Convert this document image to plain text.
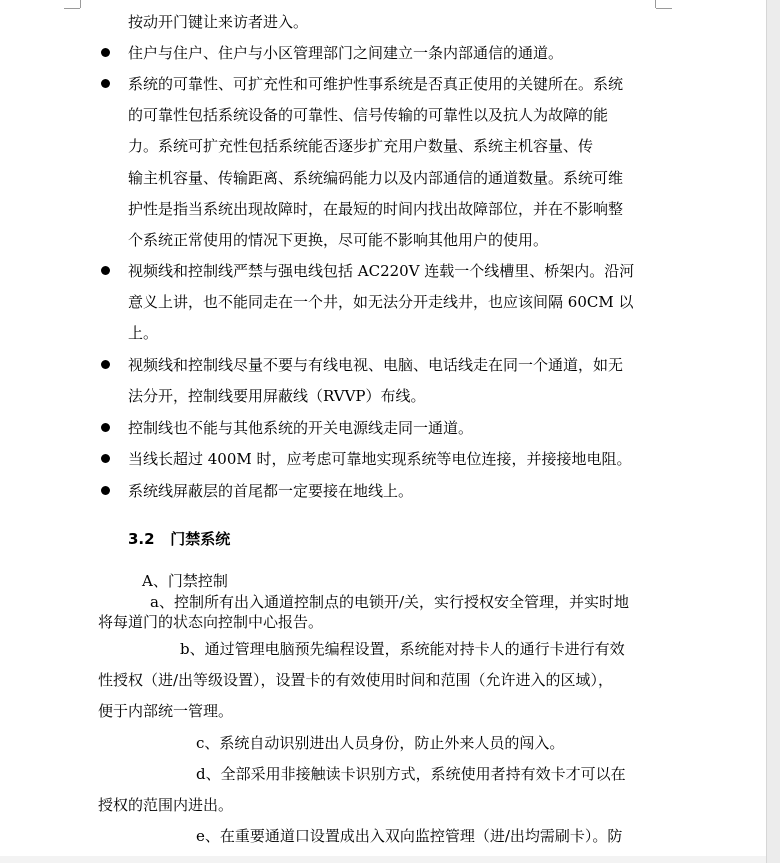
按动开门键让来访者进入。
住户与住户、住户与小区管理部门之间建立一条内部通信的通道。
系统的可靠性、可扩充性和可维护性事系统是否真正使用的关键所在。系统
的可靠性包括系统设备的可靠性、信号传输的可靠性以及抗人为故障的能
力。系统可扩充性包括系统能否逐步扩充用户数量、系统主机容量、传
输主机容量、传输距离、系统编码能力以及内部通信的通道数量。系统可维
护性是指当系统出现故障时，在最短的时间内找出故障部位，并在不影响整
个系统正常使用的情况下更换，尽可能不影响其他用户的使用。
视频线和控制线严禁与强电线包括 AC220V 连载一个线槽里、桥架内。沿河
意义上讲，也不能同走在一个井，如无法分开走线井，也应该间隔 60CM 以
上。
视频线和控制线尽量不要与有线电视、电脑、电话线走在同一个通道，如无
法分开，控制线要用屏蔽线（RVVP）布线。
控制线也不能与其他系统的开关电源线走同一通道。
当线长超过 400M 时，应考虑可靠地实现系统等电位连接，并接接地电阻。
系统线屏蔽层的首尾都一定要接在地线上。
3.2   门禁系统
A、门禁控制
a、控制所有出入通道控制点的电锁开/关，实行授权安全管理，并实时地
将每道门的状态向控制中心报告。
b、通过管理电脑预先编程设置，系统能对持卡人的通行卡进行有效
性授权（进/出等级设置），设置卡的有效使用时间和范围（允许进入的区域），
便于内部统一管理。
c、系统自动识别进出人员身份，防止外来人员的闯入。
d、全部采用非接触读卡识别方式，系统使用者持有效卡才可以在
授权的范围内进出。
e、在重要通道口设置成出入双向监控管理（进/出均需刷卡）。防
